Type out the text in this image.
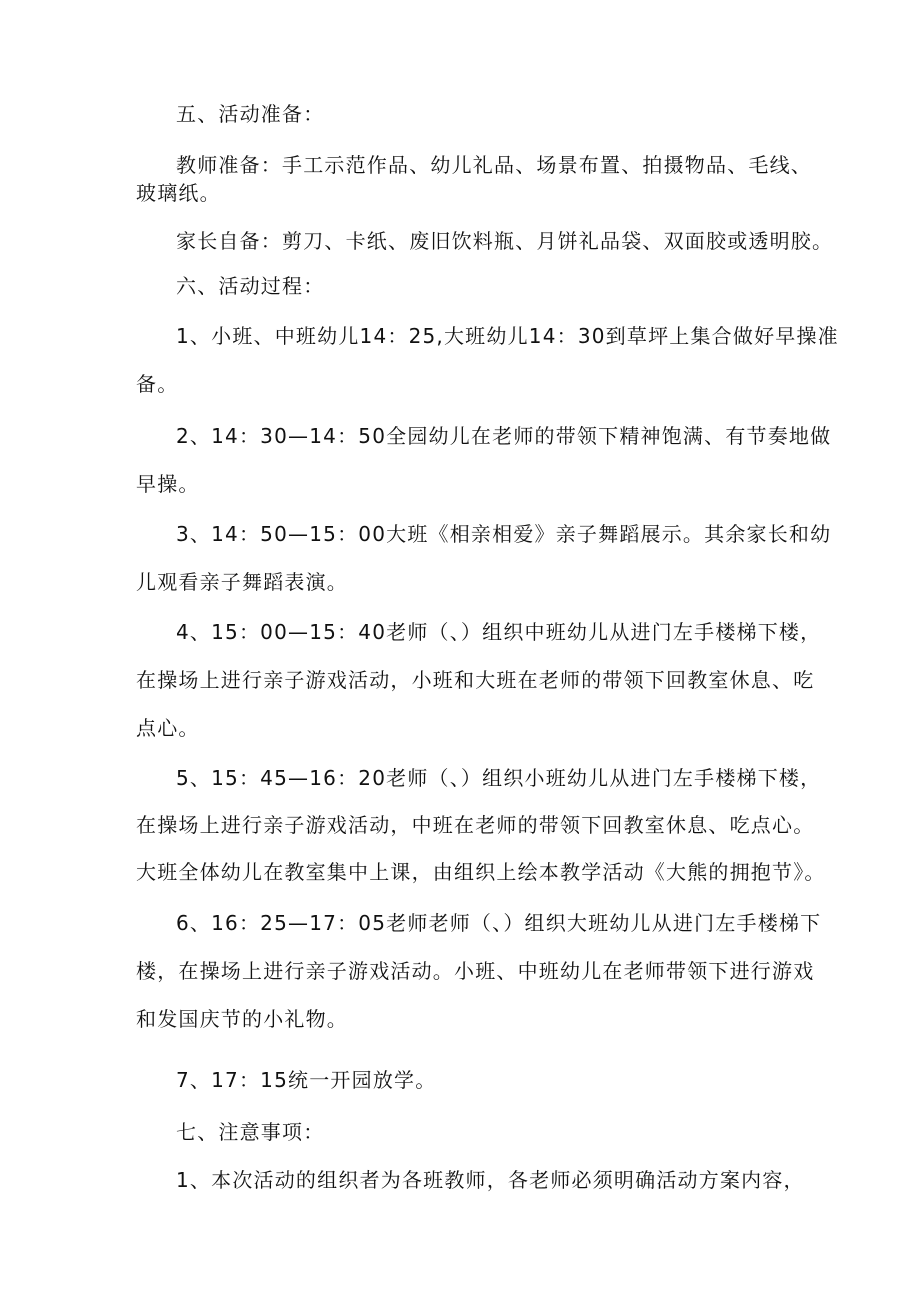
五、活动准备：
教师准备：手工示范作品、幼儿礼品、场景布置、拍摄物品、毛线、
玻璃纸。
家长自备：剪刀、卡纸、废旧饮料瓶、月饼礼品袋、双面胶或透明胶。
六、活动过程：
1、小班、中班幼儿14：25,大班幼儿14：30到草坪上集合做好早操准
备。
2、14：30—14：50全园幼儿在老师的带领下精神饱满、有节奏地做
早操。
3、14：50—15：00大班《相亲相爱》亲子舞蹈展示。其余家长和幼
儿观看亲子舞蹈表演。
4、15：00—15：40老师（、）组织中班幼儿从进门左手楼梯下楼，
在操场上进行亲子游戏活动，小班和大班在老师的带领下回教室休息、吃
点心。
5、15：45—16：20老师（、）组织小班幼儿从进门左手楼梯下楼，
在操场上进行亲子游戏活动，中班在老师的带领下回教室休息、吃点心。
大班全体幼儿在教室集中上课，由组织上绘本教学活动《大熊的拥抱节》。
6、16：25—17：05老师老师（、）组织大班幼儿从进门左手楼梯下
楼，在操场上进行亲子游戏活动。小班、中班幼儿在老师带领下进行游戏
和发国庆节的小礼物。
7、17：15统一开园放学。
七、注意事项：
1、本次活动的组织者为各班教师，各老师必须明确活动方案内容，
